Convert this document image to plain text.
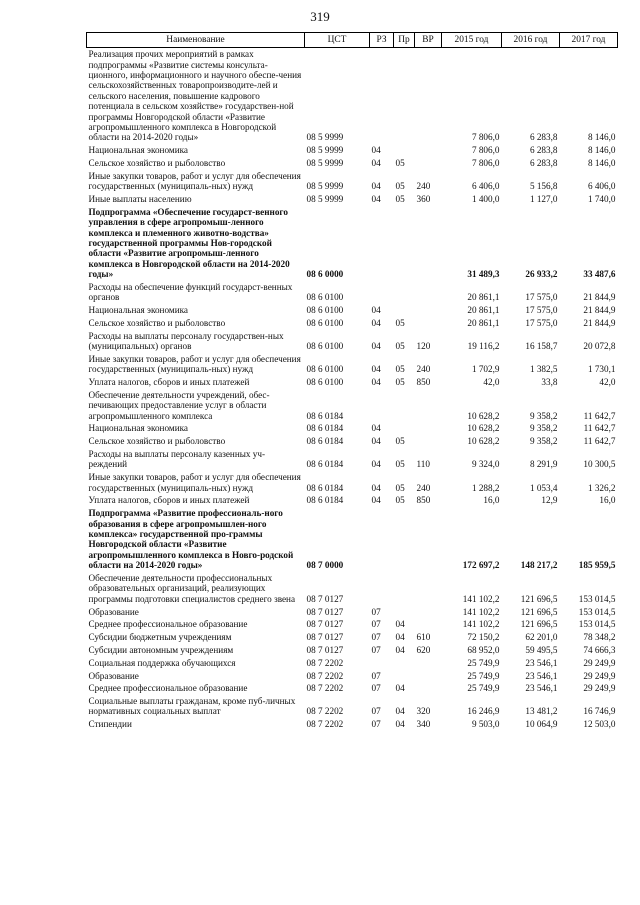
319
Наименование	ЦСТ	РЗ	Пр	ВР	2015 год	2016 год	2017 год
Реализация прочих мероприятий в рамках подпрограммы «Развитие системы консульта-ционного, информационного и научного обеспе-чения сельскохозяйственных товаропроизводите-лей и сельского населения, повышение кадрового потенциала в сельском хозяйстве» государствен-ной программы Новгородской области «Развитие агропромышленного комплекса в Новгородской области на 2014-2020 годы»	08 5 9999				7 806,0	6 283,8	8 146,0
Национальная экономика	08 5 9999	04			7 806,0	6 283,8	8 146,0
Сельское хозяйство и рыболовство	08 5 9999	04	05		7 806,0	6 283,8	8 146,0
Иные закупки товаров, работ и услуг для обеспечения государственных (муниципаль-ных) нужд	08 5 9999	04	05	240	6 406,0	5 156,8	6 406,0
Иные выплаты населению	08 5 9999	04	05	360	1 400,0	1 127,0	1 740,0
Подпрограмма «Обеспечение государст-венного управления в сфере агропромыш-ленного комплекса и племенного животно-водства» государственной программы Нов-городской области «Развитие агропромыш-ленного комплекса в Новгородской области на 2014-2020 годы»	08 6 0000				31 489,3	26 933,2	33 487,6
Расходы на обеспечение функций государст-венных органов	08 6 0100				20 861,1	17 575,0	21 844,9
Национальная экономика	08 6 0100	04			20 861,1	17 575,0	21 844,9
Сельское хозяйство и рыболовство	08 6 0100	04	05		20 861,1	17 575,0	21 844,9
Расходы на выплаты персоналу государствен-ных (муниципальных) органов	08 6 0100	04	05	120	19 116,2	16 158,7	20 072,8
Иные закупки товаров, работ и услуг для обеспечения государственных (муниципаль-ных) нужд	08 6 0100	04	05	240	1 702,9	1 382,5	1 730,1
Уплата налогов, сборов и иных платежей	08 6 0100	04	05	850	42,0	33,8	42,0
Обеспечение деятельности учреждений, обес-печивающих предоставление услуг в области агропромышленного комплекса	08 6 0184				10 628,2	9 358,2	11 642,7
Национальная экономика	08 6 0184	04			10 628,2	9 358,2	11 642,7
Сельское хозяйство и рыболовство	08 6 0184	04	05		10 628,2	9 358,2	11 642,7
Расходы на выплаты персоналу казенных уч-реждений	08 6 0184	04	05	110	9 324,0	8 291,9	10 300,5
Иные закупки товаров, работ и услуг для обеспечения государственных (муниципаль-ных) нужд	08 6 0184	04	05	240	1 288,2	1 053,4	1 326,2
Уплата налогов, сборов и иных платежей	08 6 0184	04	05	850	16,0	12,9	16,0
Подпрограмма «Развитие профессиональ-ного образования в сфере агропромышлен-ного комплекса» государственной про-граммы Новгородской области «Развитие агропромышленного комплекса в Новго-родской области на 2014-2020 годы»	08 7 0000				172 697,2	148 217,2	185 959,5
Обеспечение деятельности профессиональных образовательных организаций, реализующих программы подготовки специалистов среднего звена	08 7 0127				141 102,2	121 696,5	153 014,5
Образование	08 7 0127	07			141 102,2	121 696,5	153 014,5
Среднее профессиональное образование	08 7 0127	07	04		141 102,2	121 696,5	153 014,5
Субсидии бюджетным учреждениям	08 7 0127	07	04	610	72 150,2	62 201,0	78 348,2
Субсидии автономным учреждениям	08 7 0127	07	04	620	68 952,0	59 495,5	74 666,3
Социальная поддержка обучающихся	08 7 2202				25 749,9	23 546,1	29 249,9
Образование	08 7 2202	07			25 749,9	23 546,1	29 249,9
Среднее профессиональное образование	08 7 2202	07	04		25 749,9	23 546,1	29 249,9
Социальные выплаты гражданам, кроме пуб-личных нормативных социальных выплат	08 7 2202	07	04	320	16 246,9	13 481,2	16 746,9
Стипендии	08 7 2202	07	04	340	9 503,0	10 064,9	12 503,0
